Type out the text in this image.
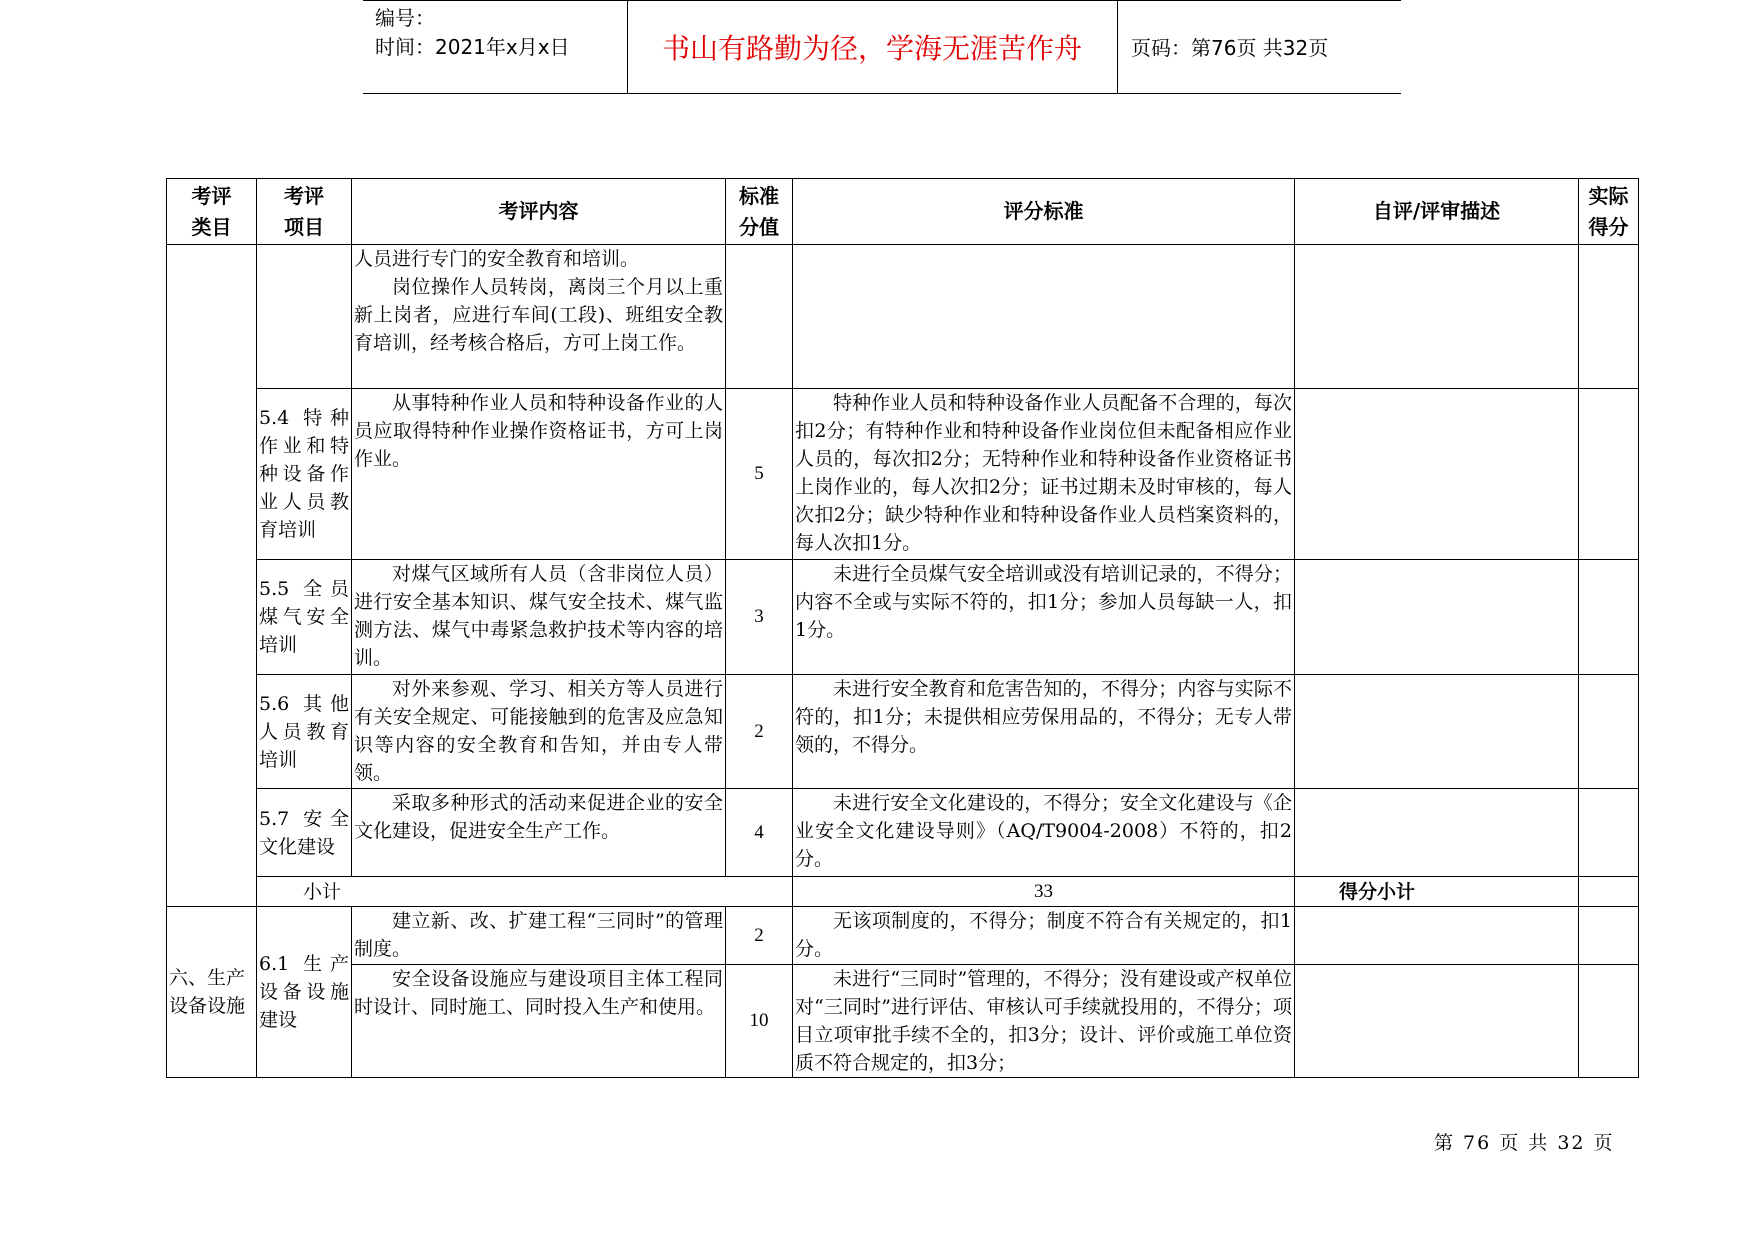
编号：
时间：2021年x月x日	书山有路勤为径，学海无涯苦作舟	页码：第76页 共32页
考评类目	考评项目	考评内容	标准分值	评分标准	自评/评审描述	实际得分	

		人员进行专门的安全教育和培训。
岗位操作人员转岗，离岗三个月以上重新上岗者，应进行车间(工段)、班组安全教育培训，经考核合格后，方可上岗工作。					

	5.4 特种作业和特种设备作业人员教育培训	从事特种作业人员和特种设备作业的人员应取得特种作业操作资格证书，方可上岗作业。	5	特种作业人员和特种设备作业人员配备不合理的，每次扣2分；有特种作业和特种设备作业岗位但未配备相应作业人员的，每次扣2分；无特种作业和特种设备作业资格证书上岗作业的，每人次扣2分；证书过期未及时审核的，每人次扣2分；缺少特种作业和特种设备作业人员档案资料的，每人次扣1分。			
	5.5 全员煤气安全培训	对煤气区域所有人员（含非岗位人员）进行安全基本知识、煤气安全技术、煤气监测方法、煤气中毒紧急救护技术等内容的培训。	3	未进行全员煤气安全培训或没有培训记录的，不得分；内容不全或与实际不符的，扣1分；参加人员每缺一人，扣1分。			
	5.6 其他人员教育培训	对外来参观、学习、相关方等人员进行有关安全规定、可能接触到的危害及应急知识等内容的安全教育和告知，并由专人带领。	2	未进行安全教育和危害告知的，不得分；内容与实际不符的，扣1分；未提供相应劳保用品的，不得分；无专人带领的，不得分。			
	5.7 安全文化建设	采取多种形式的活动来促进企业的安全文化建设，促进安全生产工作。	4	未进行安全文化建设的，不得分；安全文化建设与《企业安全文化建设导则》（AQ/T9004-2008）不符的，扣2分。			
	小计			33	得分小计		
六、生产设备设施	6.1 生产设备设施建设	建立新、改、扩建工程“三同时”的管理制度。	2	无该项制度的，不得分；制度不符合有关规定的，扣1分。			
		安全设备设施应与建设项目主体工程同时设计、同时施工、同时投入生产和使用。	10	未进行“三同时”管理的，不得分；没有建设或产权单位对“三同时”进行评估、审核认可手续就投用的，不得分；项目立项审批手续不全的，扣3分；设计、评价或施工单位资质不符合规定的，扣3分；			
第 76 页 共 32 页
